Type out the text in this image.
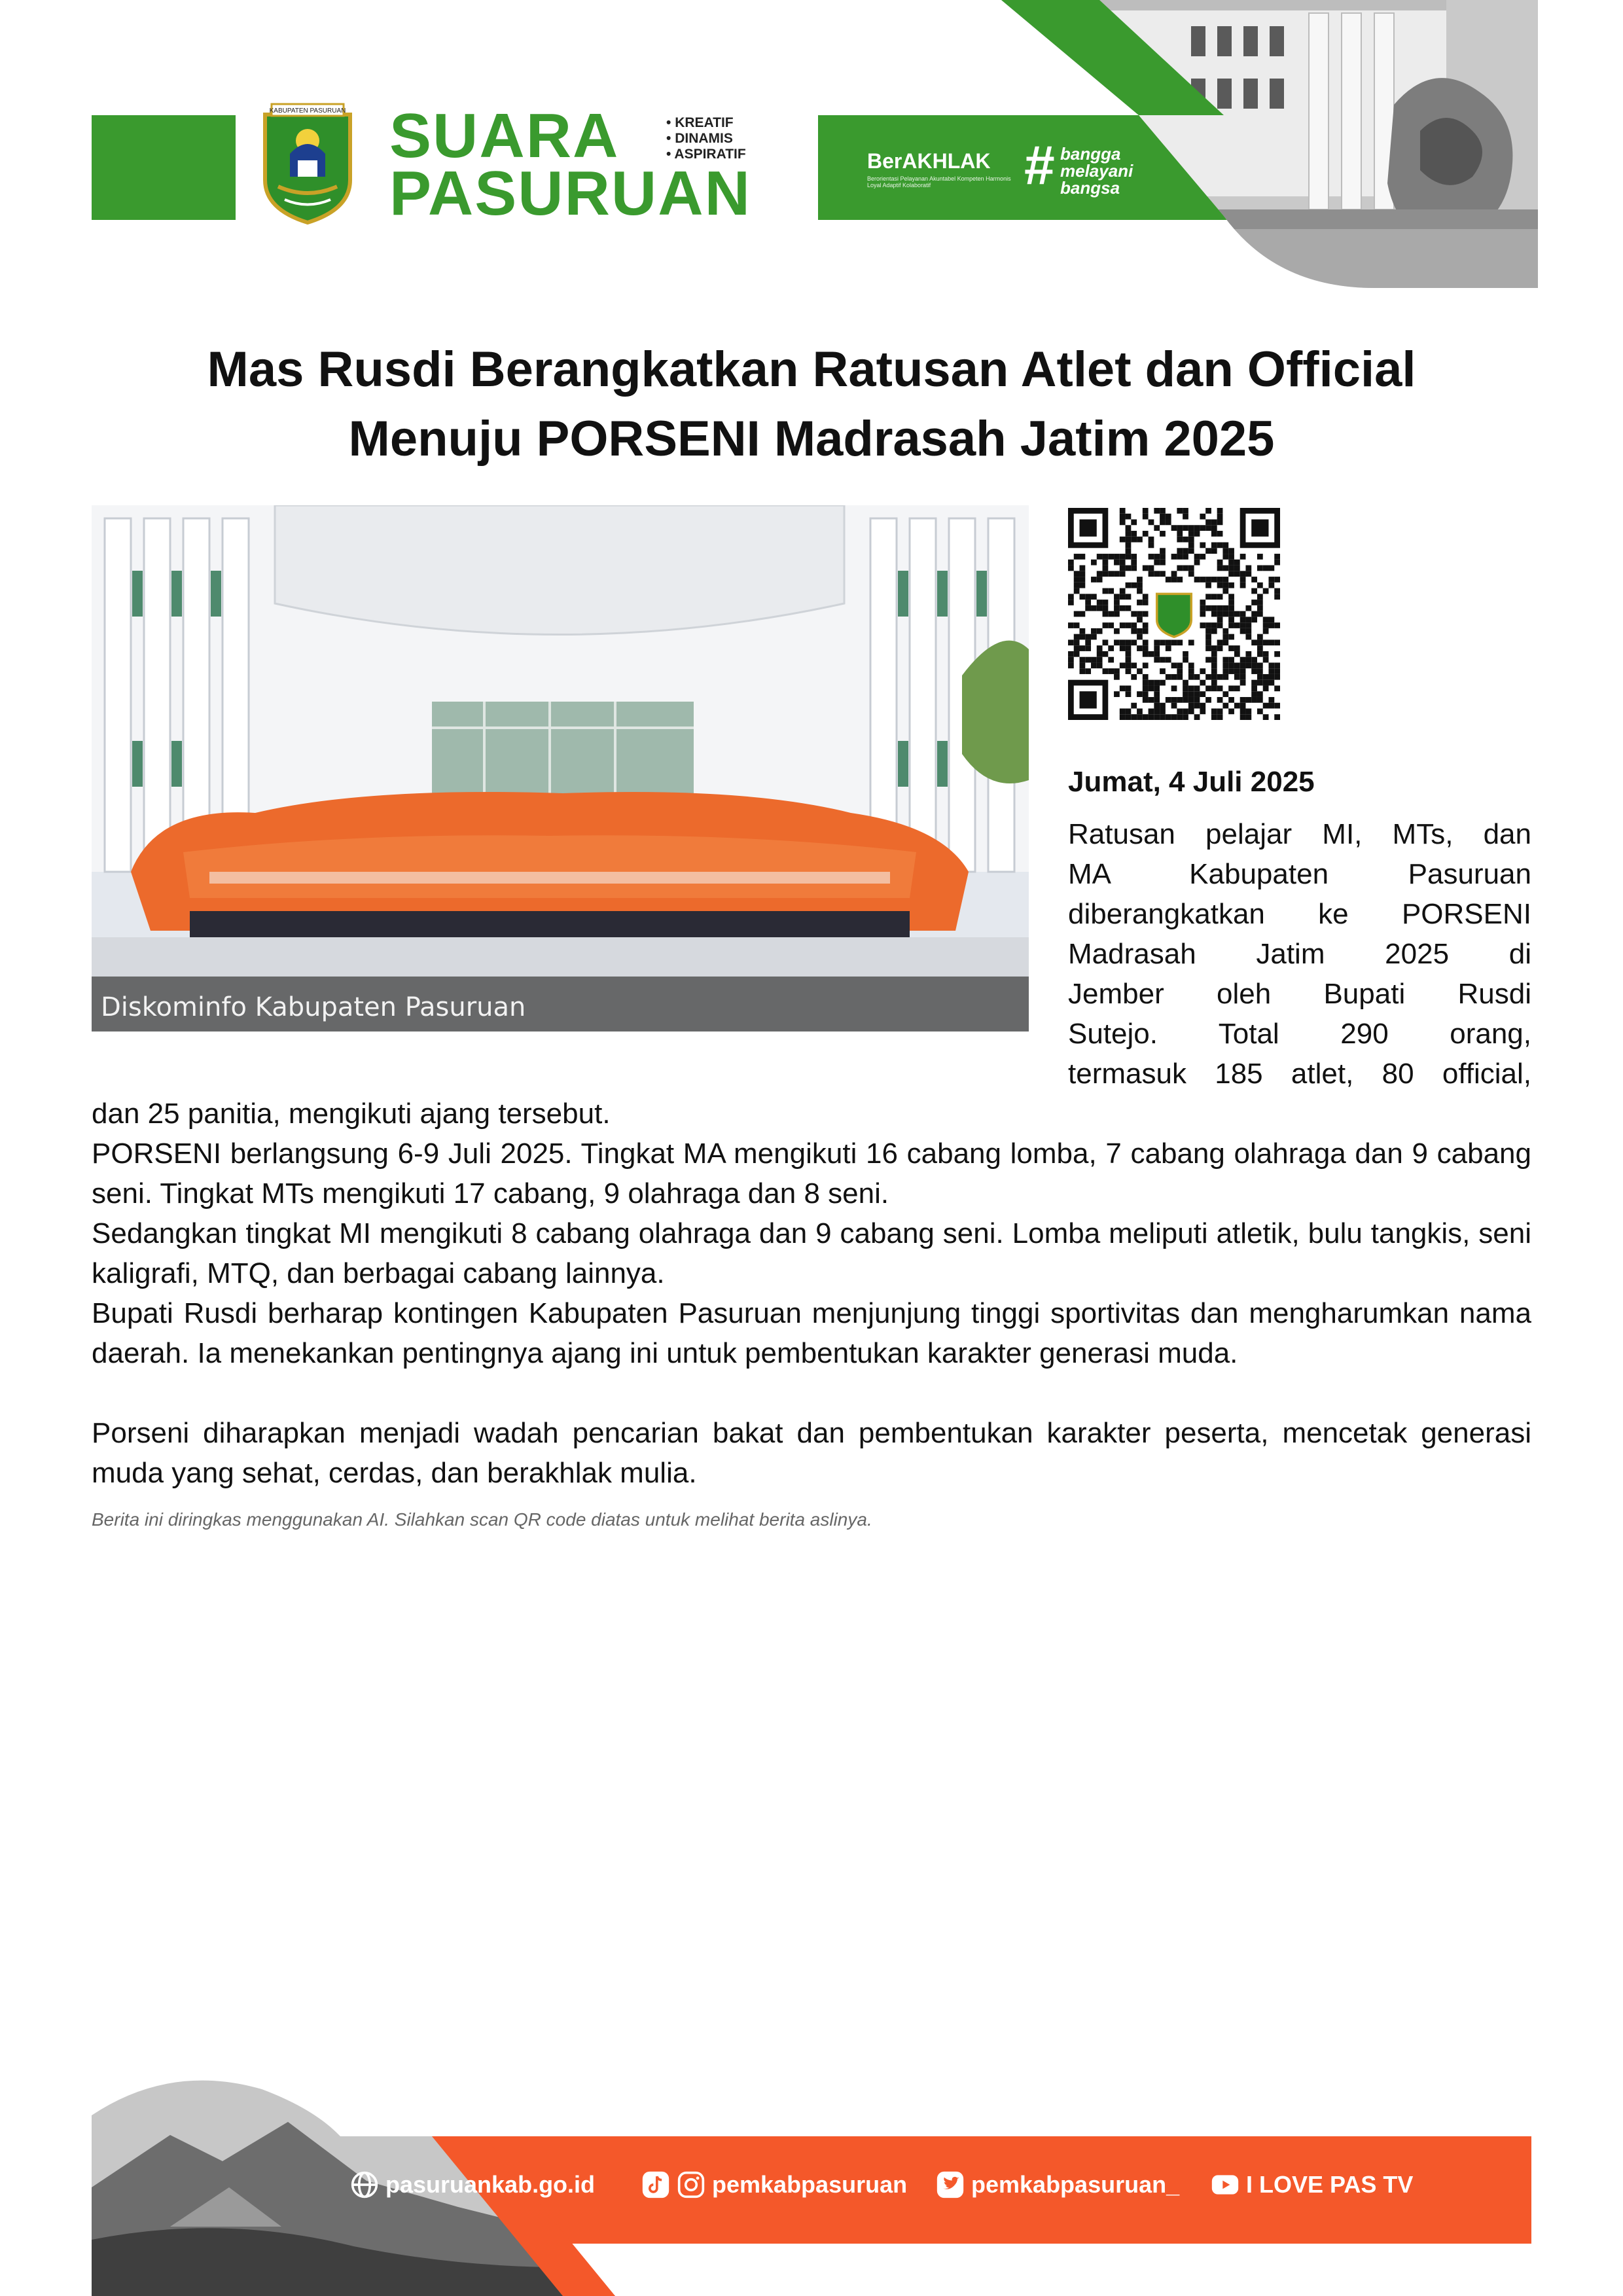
KABUPATEN PASURUAN SUARA
PASURUAN
• KREATIF
• DINAMIS
• ASPIRATIF	BerAKHLAK
Berorientasi Pelayanan Akuntabel Kompeten Harmonis Loyal Adaptif Kolaboratif	# bangga
melayani
bangsa
Mas Rusdi Berangkatkan Ratusan Atlet dan Official
Menuju PORSENI Madrasah Jatim 2025
Diskominfo Kabupaten Pasuruan
Jumat, 4 Juli 2025
Ratusan pelajar MI, MTs, dan
MA Kabupaten Pasuruan
diberangkatkan ke PORSENI
Madrasah Jatim 2025 di
Jember oleh Bupati Rusdi
Sutejo. Total 290 orang,
termasuk 185 atlet, 80 official,
dan 25 panitia, mengikuti ajang tersebut.
PORSENI berlangsung 6-9 Juli 2025. Tingkat MA mengikuti 16 cabang lomba, 7 cabang olahraga dan 9 cabang seni. Tingkat MTs mengikuti 17 cabang, 9 olahraga dan 8 seni.
Sedangkan tingkat MI mengikuti 8 cabang olahraga dan 9 cabang seni. Lomba meliputi atletik, bulu tangkis, seni kaligrafi, MTQ, dan berbagai cabang lainnya.
Bupati Rusdi berharap kontingen Kabupaten Pasuruan menjunjung tinggi sportivitas dan mengharumkan nama daerah. Ia menekankan pentingnya ajang ini untuk pembentukan karakter generasi muda.
Porseni diharapkan menjadi wadah pencarian bakat dan pembentukan karakter peserta, mencetak generasi muda yang sehat, cerdas, dan berakhlak mulia.
Berita ini diringkas menggunakan AI. Silahkan scan QR code diatas untuk melihat berita aslinya.
pasuruankab.go.id	pemkabpasuruan	pemkabpasuruan_	I LOVE PAS TV
